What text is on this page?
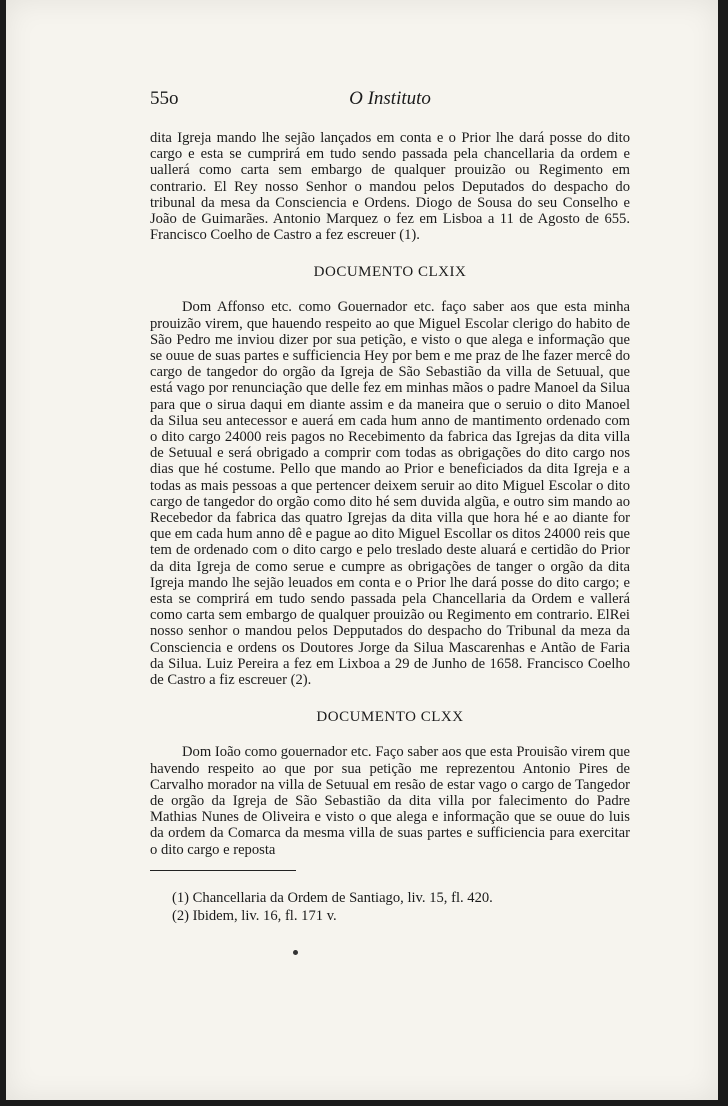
55o	O Instituto

dita Igreja mando lhe sejão lançados em conta e o Prior lhe dará posse do dito cargo e esta se cumprirá em tudo sendo passada pela chancellaria da ordem e uallerá como carta sem embargo de qualquer prouizão ou Regimento em contrario. El Rey nosso Senhor o mandou pelos Deputados do despacho do tribunal da mesa da Consciencia e Ordens. Diogo de Sousa do seu Conselho e João de Guimarães. Antonio Marquez o fez em Lisboa a 11 de Agosto de 655. Francisco Coelho de Castro a fez escreuer (1).

DOCUMENTO CLXIX

Dom Affonso etc. como Gouernador etc. faço saber aos que esta minha prouizão virem, que hauendo respeito ao que Miguel Escolar clerigo do habito de São Pedro me inviou dizer por sua petição, e visto o que alega e informação que se ouue de suas partes e sufficiencia Hey por bem e me praz de lhe fazer mercê do cargo de tangedor do orgão da Igreja de São Sebastião da villa de Setuual, que está vago por renunciação que delle fez em minhas mãos o padre Manoel da Silua para que o sirua daqui em diante assim e da maneira que o seruio o dito Manoel da Silua seu antecessor e auerá em cada hum anno de mantimento ordenado com o dito cargo 24000 reis pagos no Recebimento da fabrica das Igrejas da dita villa de Setuual e será obrigado a comprir com todas as obrigações do dito cargo nos dias que hé costume. Pello que mando ao Prior e beneficiados da dita Igreja e a todas as mais pessoas a que pertencer deixem seruir ao dito Miguel Escolar o dito cargo de tangedor do orgão como dito hé sem duvida algũa, e outro sim mando ao Recebedor da fabrica das quatro Igrejas da dita villa que hora hé e ao diante for que em cada hum anno dê e pague ao dito Miguel Escollar os ditos 24000 reis que tem de ordenado com o dito cargo e pelo treslado deste aluará e certidão do Prior da dita Igreja de como serue e cumpre as obrigações de tanger o orgão da dita Igreja mando lhe sejão leuados em conta e o Prior lhe dará posse do dito cargo; e esta se comprirá em tudo sendo passada pela Chancellaria da Ordem e vallerá como carta sem embargo de qualquer prouizão ou Regimento em contrario. ElRei nosso senhor o mandou pelos Depputados do despacho do Tribunal da meza da Consciencia e ordens os Doutores Jorge da Silua Mascarenhas e Antão de Faria da Silua. Luiz Pereira a fez em Lixboa a 29 de Junho de 1658. Francisco Coelho de Castro a fiz escreuer (2).

DOCUMENTO CLXX

Dom Ioão como gouernador etc. Faço saber aos que esta Prouisão virem que havendo respeito ao que por sua petição me reprezentou Antonio Pires de Carvalho morador na villa de Setuual em resão de estar vago o cargo de Tangedor de orgão da Igreja de São Sebastião da dita villa por falecimento do Padre Mathias Nunes de Oliveira e visto o que alega e informação que se ouue do luis da ordem da Comarca da mesma villa de suas partes e sufficiencia para exercitar o dito cargo e reposta

(1) Chancellaria da Ordem de Santiago, liv. 15, fl. 420.
(2) Ibidem, liv. 16, fl. 171 v.
